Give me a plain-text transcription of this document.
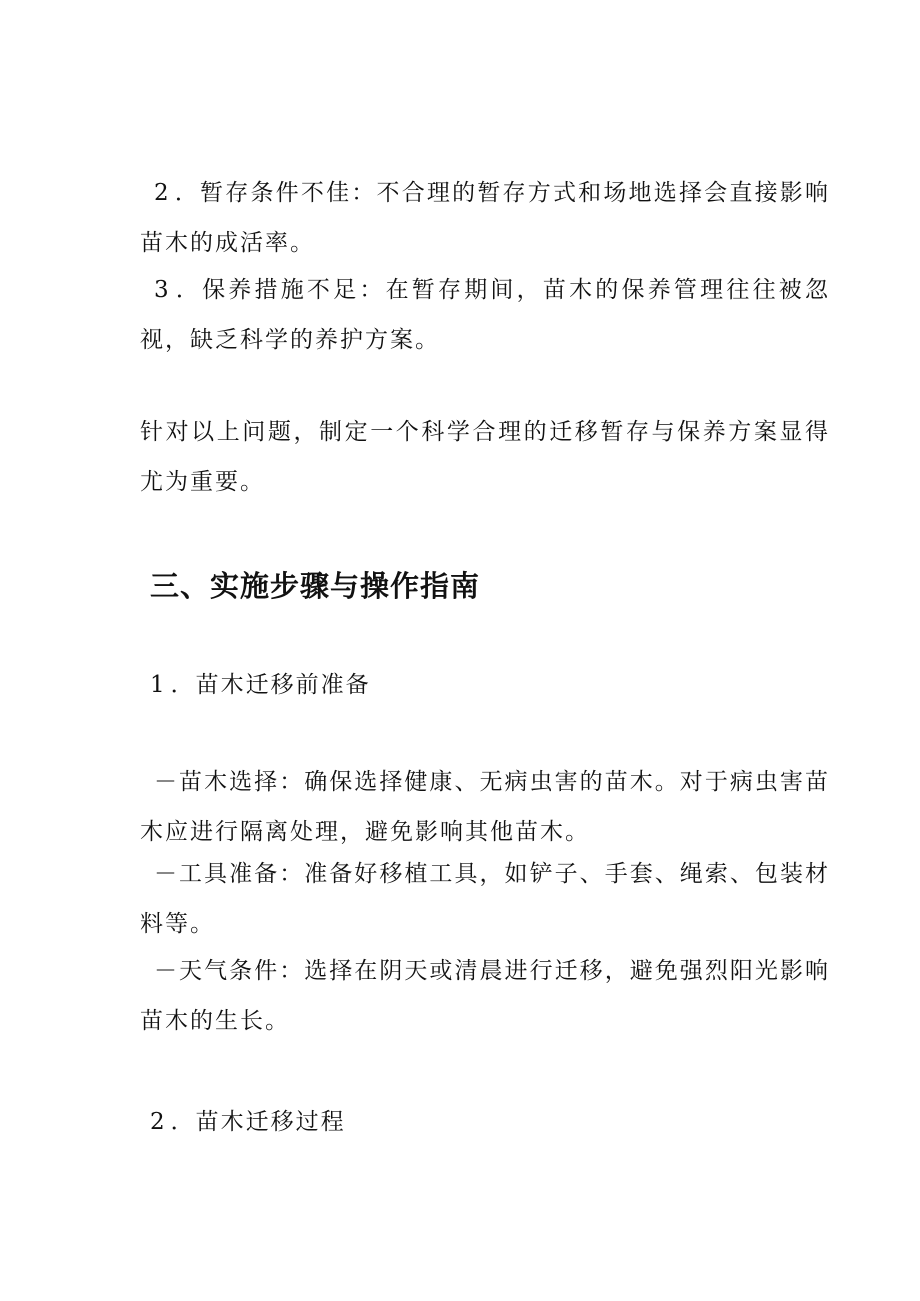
2．暂存条件不佳：不合理的暂存方式和场地选择会直接影响苗木的成活率。

3．保养措施不足：在暂存期间，苗木的保养管理往往被忽视，缺乏科学的养护方案。

针对以上问题，制定一个科学合理的迁移暂存与保养方案显得尤为重要。

三、实施步骤与操作指南

1．苗木迁移前准备

－苗木选择：确保选择健康、无病虫害的苗木。对于病虫害苗木应进行隔离处理，避免影响其他苗木。

－工具准备：准备好移植工具，如铲子、手套、绳索、包装材料等。

－天气条件：选择在阴天或清晨进行迁移，避免强烈阳光影响苗木的生长。

2．苗木迁移过程
